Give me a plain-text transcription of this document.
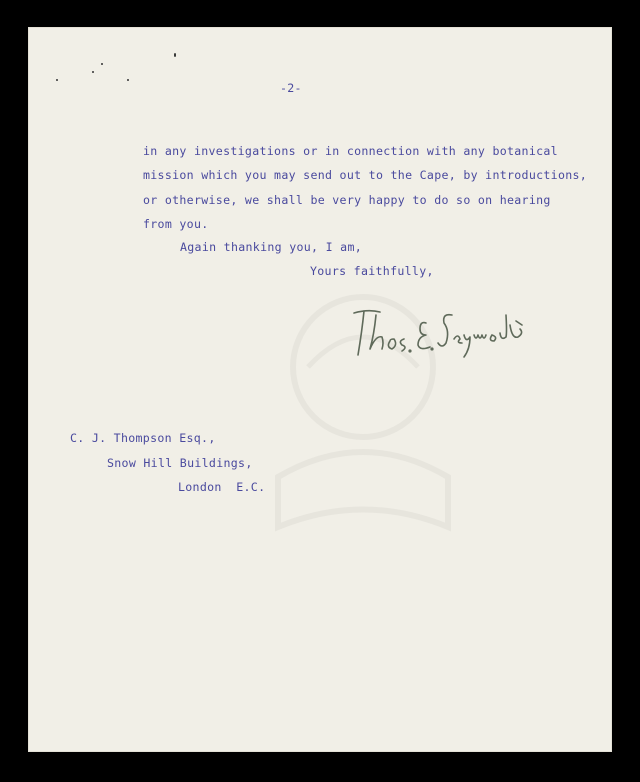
-2-

in any investigations or in connection with any botanical

mission which you may send out to the Cape, by introductions,

or otherwise, we shall be very happy to do so on hearing

from you.

Again thanking you, I am,

Yours faithfully,

C. J. Thompson Esq.,

Snow Hill Buildings,

London  E.C.
